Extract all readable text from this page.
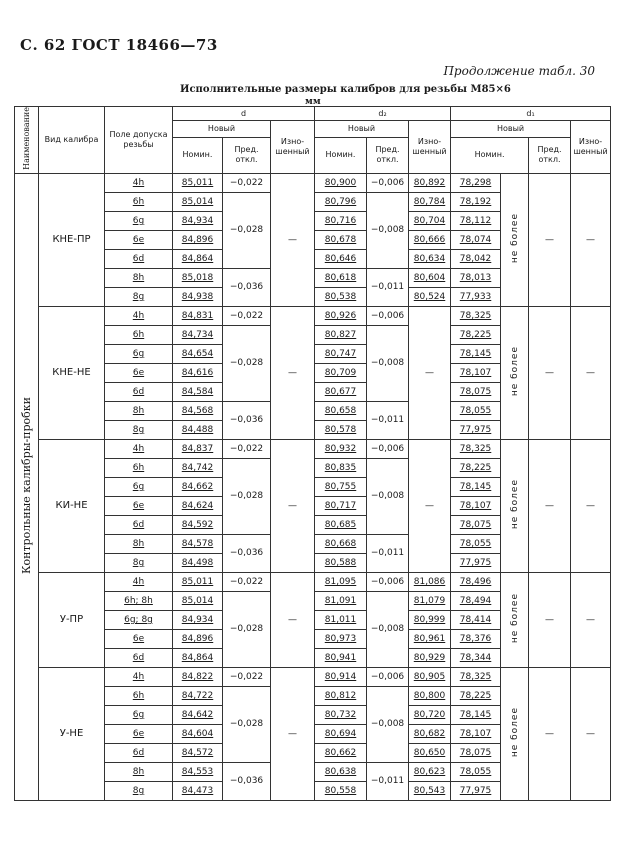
С. 62 ГОСТ 18466—73
Продолжение табл. 30
Исполнительные размеры калибров для резьбы М85×6
мм
Наименование	Вид калибра	Поле допуска резьбы	d			d₂			d₁			
			Новый		Изно- шенный	Новый		Изно- шенный	Новый			Изно- шенный
			Номин.	Пред. откл.		Номин.	Пред. откл.		Номин.		Пред. откл.	
Контрольные калибры-пробки	КНЕ-ПР	4h	85,011	−0,022	—	80,900	−0,006	80,892	78,298	не более	—	—
		6h	85,014	−0,028		80,796	−0,008	80,784	78,192			
		6g	84,934			80,716		80,704	78,112			
		6e	84,896			80,678		80,666	78,074			
		6d	84,864			80,646		80,634	78,042			
		8h	85,018	−0,036		80,618	−0,011	80,604	78,013			
		8g	84,938			80,538		80,524	77,933			
	КНЕ-НЕ	4h	84,831	−0,022	—	80,926	−0,006	—	78,325	не более	—	—
		6h	84,734	−0,028		80,827	−0,008		78,225			
		6g	84,654			80,747			78,145			
		6e	84,616			80,709			78,107			
		6d	84,584			80,677			78,075			
		8h	84,568	−0,036		80,658	−0,011		78,055			
		8g	84,488			80,578			77,975			
	КИ-НЕ	4h	84,837	−0,022	—	80,932	−0,006	—	78,325	не более	—	—
		6h	84,742	−0,028		80,835	−0,008		78,225			
		6g	84,662			80,755			78,145			
		6e	84,624			80,717			78,107			
		6d	84,592			80,685			78,075			
		8h	84,578	−0,036		80,668	−0,011		78,055			
		8g	84,498			80,588			77,975			
	У-ПР	4h	85,011	−0,022	—	81,095	−0,006	81,086	78,496	не более	—	—
		6h; 8h	85,014	−0,028		81,091	−0,008	81,079	78,494			
		6g; 8g	84,934			81,011		80,999	78,414			
		6e	84,896			80,973		80,961	78,376			
		6d	84,864			80,941		80,929	78,344			
	У-НЕ	4h	84,822	−0,022	—	80,914	−0,006	80,905	78,325	не более	—	—
		6h	84,722	−0,028		80,812	−0,008	80,800	78,225			
		6g	84,642			80,732		80,720	78,145			
		6e	84,604			80,694		80,682	78,107			
		6d	84,572			80,662		80,650	78,075			
		8h	84,553	−0,036		80,638	−0,011	80,623	78,055			
		8g	84,473			80,558		80,543	77,975			
